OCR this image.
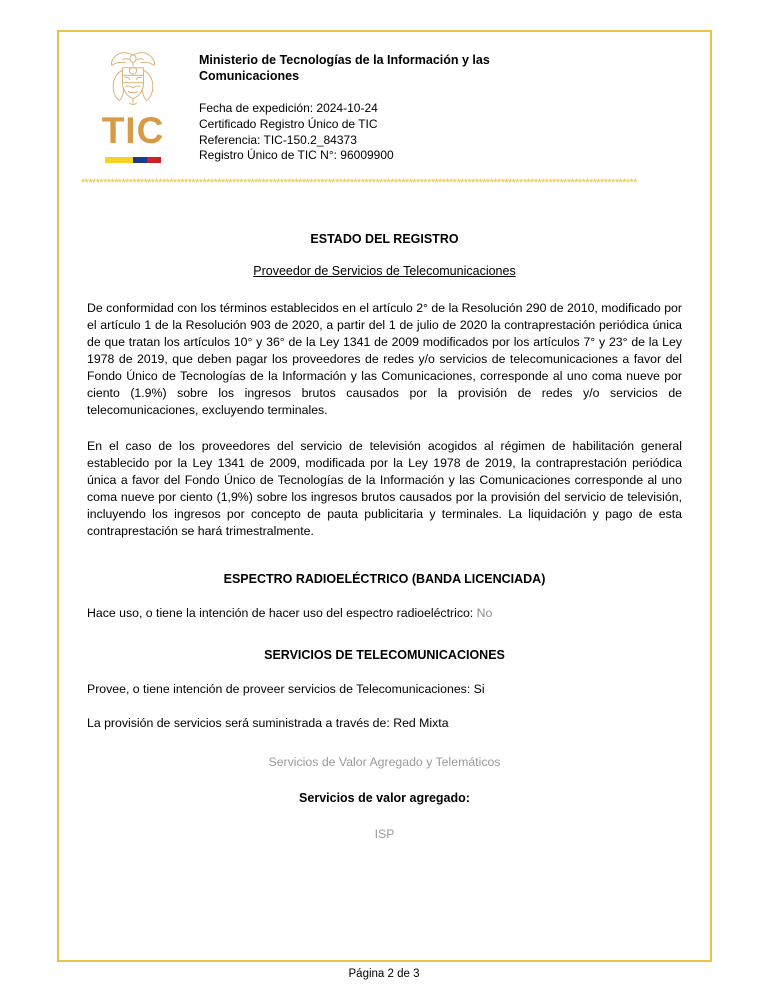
TIC
Ministerio de Tecnologías de la Información y las Comunicaciones
Fecha de expedición: 2024-10-24
Certificado Registro Único de TIC
Referencia: TIC-150.2_84373
Registro Único de TIC N°: 96009900
*******************************************************************************************************************************************************
ESTADO DEL REGISTRO
Proveedor de Servicios de Telecomunicaciones

De conformidad con los términos establecidos en el artículo 2° de la Resolución 290 de 2010, modificado por el artículo 1 de la Resolución 903 de 2020, a partir del 1 de julio de 2020 la contraprestación periódica única de que tratan los artículos 10° y 36° de la Ley 1341 de 2009 modificados por los artículos 7° y 23° de la Ley 1978 de 2019, que deben pagar los proveedores de redes y/o servicios de telecomunicaciones a favor del Fondo Único de Tecnologías de la Información y las Comunicaciones, corresponde al uno coma nueve por ciento (1.9%) sobre los ingresos brutos causados por la provisión de redes y/o servicios de telecomunicaciones, excluyendo terminales.

En el caso de los proveedores del servicio de televisión acogidos al régimen de habilitación general establecido por la Ley 1341 de 2009, modificada por la Ley 1978 de 2019, la contraprestación periódica única a favor del Fondo Único de Tecnologías de la Información y las Comunicaciones corresponde al uno coma nueve por ciento (1,9%) sobre los ingresos brutos causados por la provisión del servicio de televisión, incluyendo los ingresos por concepto de pauta publicitaria y terminales. La liquidación y pago de esta contraprestación se hará trimestralmente.

ESPECTRO RADIOELÉCTRICO (BANDA LICENCIADA)
Hace uso, o tiene la intención de hacer uso del espectro radioeléctrico: No
SERVICIOS DE TELECOMUNICACIONES
Provee, o tiene intención de proveer servicios de Telecomunicaciones: Si
La provisión de servicios será suministrada a través de: Red Mixta
Servicios de Valor Agregado y Telemáticos
Servicios de valor agregado:
ISP
Página 2 de 3
